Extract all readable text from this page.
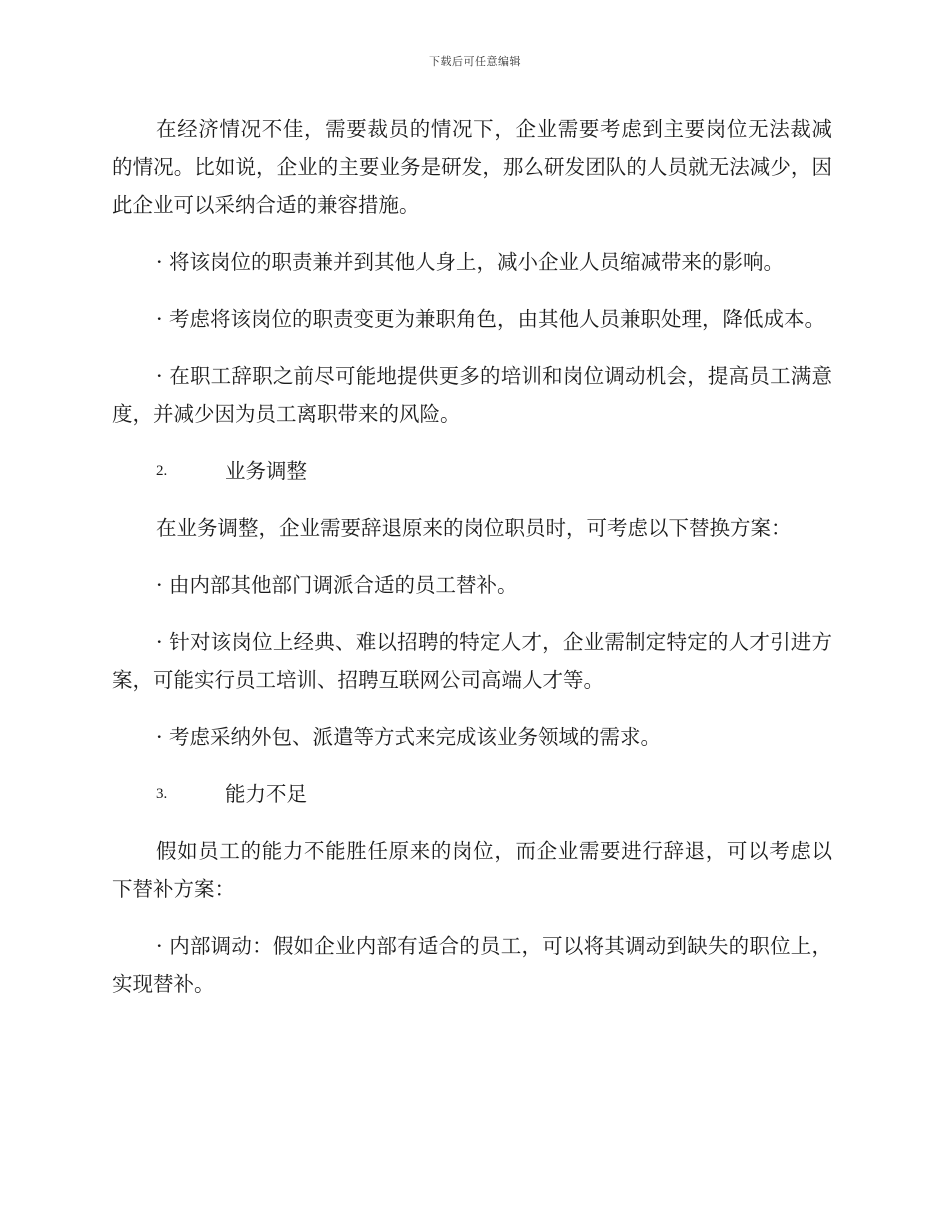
下载后可任意编辑

在经济情况不佳，需要裁员的情况下，企业需要考虑到主要岗位无法裁减的情况。比如说，企业的主要业务是研发，那么研发团队的人员就无法减少，因此企业可以采纳合适的兼容措施。

· 将该岗位的职责兼并到其他人身上，减小企业人员缩减带来的影响。

· 考虑将该岗位的职责变更为兼职角色，由其他人员兼职处理，降低成本。

· 在职工辞职之前尽可能地提供更多的培训和岗位调动机会，提高员工满意度，并减少因为员工离职带来的风险。

2.	业务调整

在业务调整，企业需要辞退原来的岗位职员时，可考虑以下替换方案：

· 由内部其他部门调派合适的员工替补。

· 针对该岗位上经典、难以招聘的特定人才，企业需制定特定的人才引进方案，可能实行员工培训、招聘互联网公司高端人才等。

· 考虑采纳外包、派遣等方式来完成该业务领域的需求。

3.	能力不足

假如员工的能力不能胜任原来的岗位，而企业需要进行辞退，可以考虑以下替补方案：

· 内部调动：假如企业内部有适合的员工，可以将其调动到缺失的职位上，实现替补。
